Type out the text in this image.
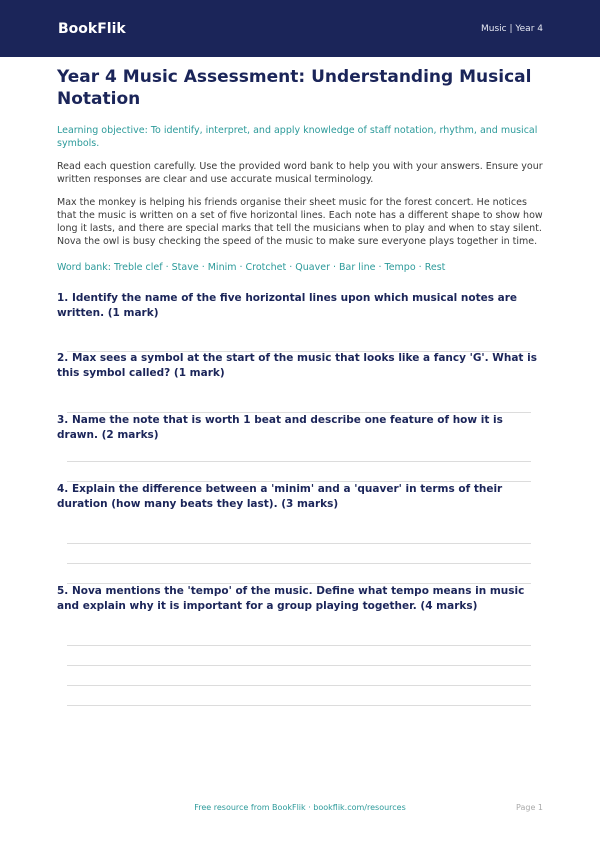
BookFlik	Music | Year 4
Year 4 Music Assessment: Understanding Musical Notation

Learning objective: To identify, interpret, and apply knowledge of staff notation, rhythm, and musical symbols.

Read each question carefully. Use the provided word bank to help you with your answers. Ensure your written responses are clear and use accurate musical terminology.

Max the monkey is helping his friends organise their sheet music for the forest concert. He notices that the music is written on a set of five horizontal lines. Each note has a different shape to show how long it lasts, and there are special marks that tell the musicians when to play and when to stay silent. Nova the owl is busy checking the speed of the music to make sure everyone plays together in time.

Word bank: Treble clef · Stave · Minim · Crotchet · Quaver · Bar line · Tempo · Rest

1. Identify the name of the five horizontal lines upon which musical notes are written. (1 mark)
2. Max sees a symbol at the start of the music that looks like a fancy 'G'. What is this symbol called? (1 mark)
3. Name the note that is worth 1 beat and describe one feature of how it is drawn. (2 marks)
4. Explain the difference between a 'minim' and a 'quaver' in terms of their duration (how many beats they last). (3 marks)
5. Nova mentions the 'tempo' of the music. Define what tempo means in music and explain why it is important for a group playing together. (4 marks)
Free resource from BookFlik · bookflik.com/resources	Page 1
